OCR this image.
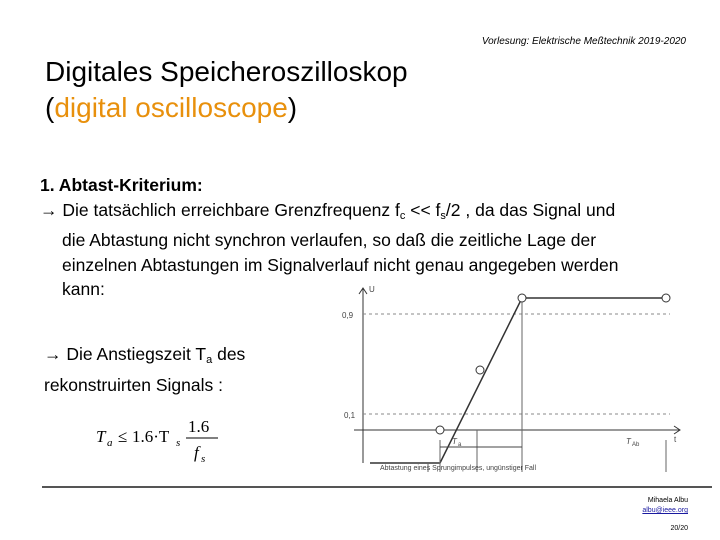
Vorlesung: Elektrische Meßtechnik 2019-2020
Digitales Speicheroszilloskop
(digital oscilloscope)
1. Abtast-Kriterium:
→ Die tatsächlich erreichbare Grenzfrequenz $f_c << f_s/2$ , da das Signal und
die Abtastung nicht synchron verlaufen, so daß die zeitliche Lage der
einzelnen Abtastungen im Signalverlauf nicht genau angegeben werden
kann:
→ Die Anstiegszeit $T_a$ des
rekonstruirten Signals :
T a ≤ 1.6·T s
1.6
f s
U
0,9
0,1
t
T a	T Ab
Abtastung eines Sprungimpulses, ungünstiger Fall
Mihaela Albu
albu@ieee.org
20/20
